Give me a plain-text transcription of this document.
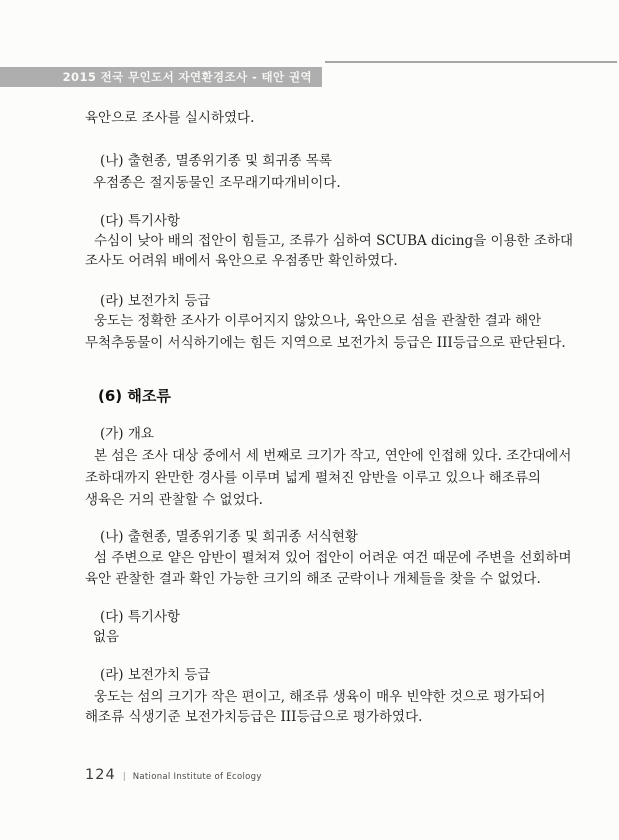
2015 전국 무인도서 자연환경조사 - 태안 권역
육안으로 조사를 실시하였다.
(나) 출현종, 멸종위기종 및 희귀종 목록
우점종은 절지동물인 조무래기따개비이다.
(다) 특기사항
수심이 낮아 배의 접안이 힘들고, 조류가 심하여 SCUBA dicing을 이용한 조하대
조사도 어려워 배에서 육안으로 우점종만 확인하였다.
(라) 보전가치 등급
웅도는 정확한 조사가 이루어지지 않았으나, 육안으로 섬을 관찰한 결과 해안
무척추동물이 서식하기에는 힘든 지역으로 보전가치 등급은 III등급으로 판단된다.
(6) 해조류
(가) 개요
본 섬은 조사 대상 중에서 세 번째로 크기가 작고, 연안에 인접해 있다. 조간대에서
조하대까지 완만한 경사를 이루며 넓게 펼쳐진 암반을 이루고 있으나 해조류의
생육은 거의 관찰할 수 없었다.
(나) 출현종, 멸종위기종 및 희귀종 서식현황
섬 주변으로 얕은 암반이 펼쳐져 있어 접안이 어려운 여건 때문에 주변을 선회하며
육안 관찰한 결과 확인 가능한 크기의 해조 군락이나 개체들을 찾을 수 없었다.
(다) 특기사항
없음
(라) 보전가치 등급
웅도는 섬의 크기가 작은 편이고, 해조류 생육이 매우 빈약한 것으로 평가되어
해조류 식생기준 보전가치등급은 III등급으로 평가하였다.
124 | National Institute of Ecology
